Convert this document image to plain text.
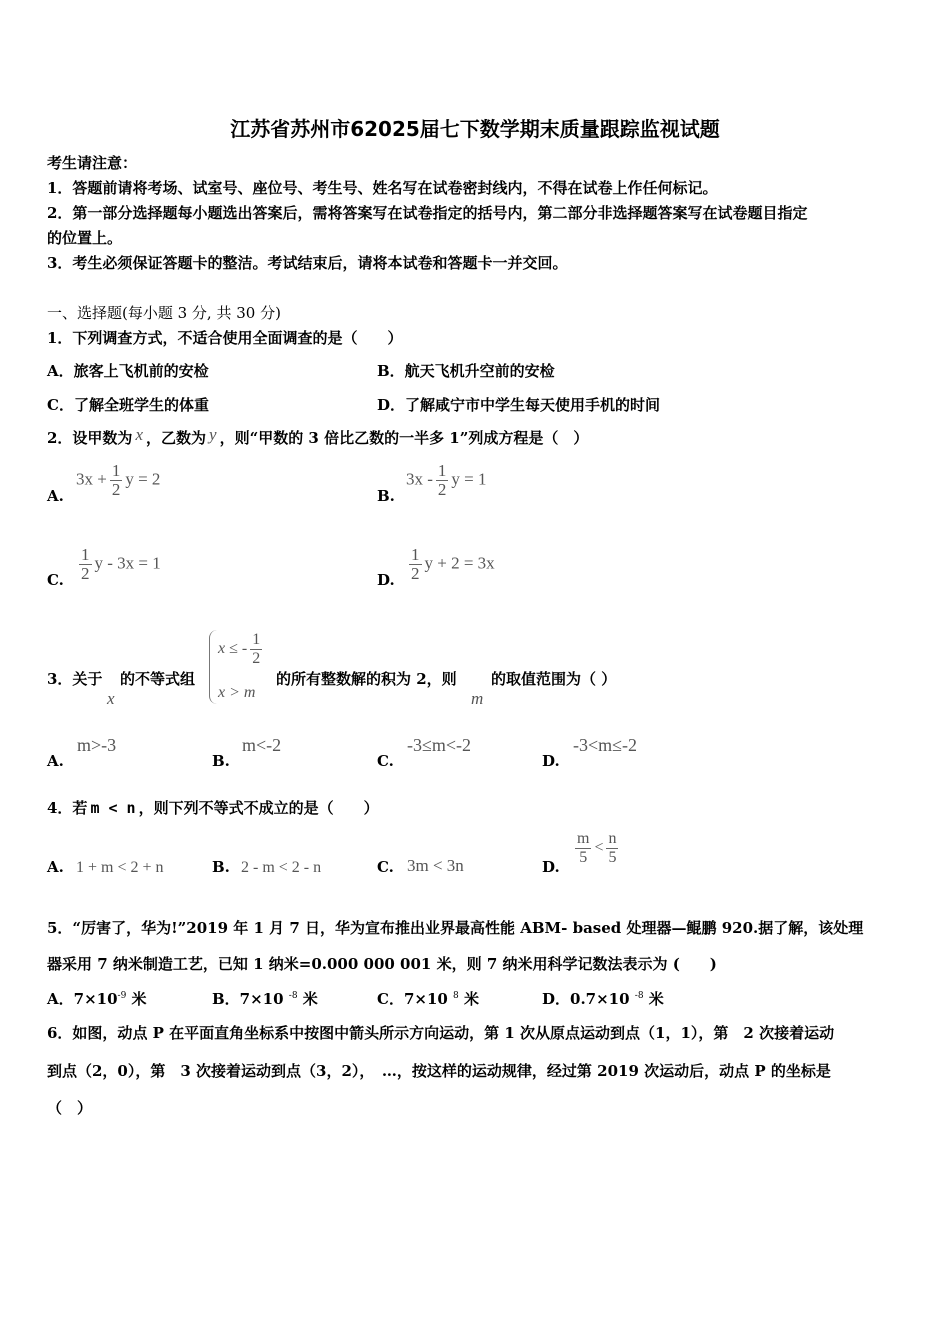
江苏省苏州市62025届七下数学期末质量跟踪监视试题
考生请注意：
1．答题前请将考场、试室号、座位号、考生号、姓名写在试卷密封线内，不得在试卷上作任何标记。
2．第一部分选择题每小题选出答案后，需将答案写在试卷指定的括号内，第二部分非选择题答案写在试卷题目指定
的位置上。
3．考生必须保证答题卡的整洁。考试结束后，请将本试卷和答题卡一并交回。
一、选择题(每小题 3 分, 共 30 分)
1．下列调查方式，不适合使用全面调查的是（　　）
A．旅客上飞机前的安检	B．航天飞机升空前的安检
C．了解全班学生的体重	D．了解咸宁市中学生每天使用手机的时间
2．设甲数为 x ，乙数为 y ，则“甲数的 3 倍比乙数的一半多 1”列成方程是（　）
A.
$3x + \frac{1}{2}$ y = 2
B.
$3x - \frac{1}{2}$ y = 1
C. $\frac{1}{2}$ y - 3x = 1
D. $\frac{1}{2}$ y + 2 = 3x
3．关于
x
的不等式组
x ≤ - $\frac{1}{2}$
x > m
的所有整数解的积为 2，则
m
的取值范围为（ ）
A.
m>-3
B.
m<-2
C.
-3≤m<-2
D.
-3<m≤-2
4．若 m < n ，则下列不等式不成立的是（　　）
A. 1 + m < 2 + n	B. 2 - m < 2 - n	C. 3m < 3n	D. $\frac{m}{5} < \frac{n}{5}$
5．“厉害了，华为!”2019 年 1 月 7 日，华为宣布推出业界最高性能 ABM- based 处理器—鲲鹏 920.据了解，该处理
器采用 7 纳米制造工艺，已知 1 纳米=0.000 000 001 米，则 7 纳米用科学记数法表示为 (　　)
A．$7\times 10^{-9}$ 米	B．7×10 $^{-8}$ 米	C．7×10 $^8$ 米	D．0.7×10 $^{-8}$ 米
6．如图，动点 P 在平面直角坐标系中按图中箭头所示方向运动，第 1 次从原点运动到点（1，1），第　2 次接着运动
到点（2，0），第　3 次接着运动到点（3，2），　…，按这样的运动规律，经过第 2019 次运动后，动点 P 的坐标是
（　）
